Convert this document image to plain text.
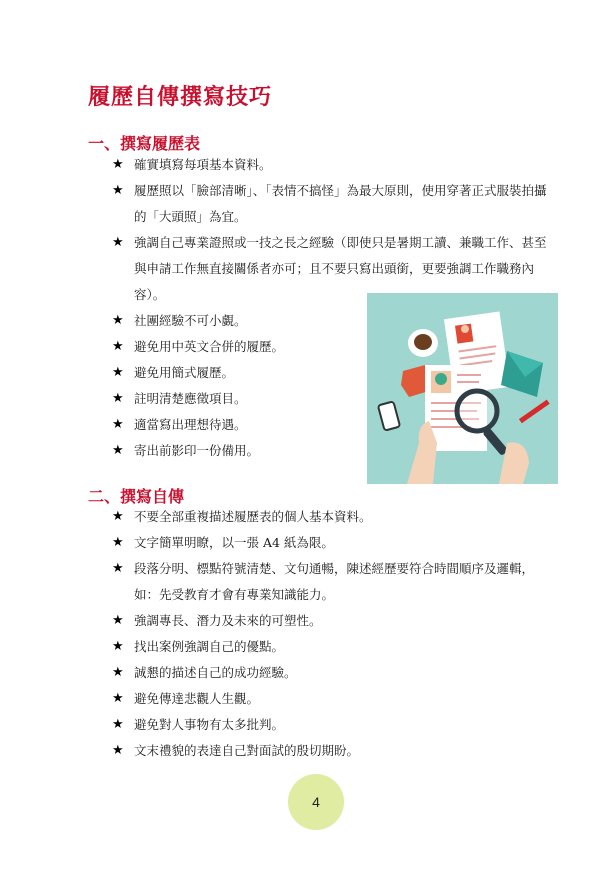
履歷自傳撰寫技巧
一、撰寫履歷表
★ 確實填寫每項基本資料。
★ 履歷照以「臉部清晰」、「表情不搞怪」為最大原則，使用穿著正式服裝拍攝的「大頭照」為宜。
★ 強調自己專業證照或一技之長之經驗（即使只是暑期工讀、兼職工作、甚至與申請工作無直接關係者亦可；且不要只寫出頭銜，更要強調工作職務內容）。
★ 社團經驗不可小覷。
★ 避免用中英文合併的履歷。
★ 避免用簡式履歷。
★ 註明清楚應徵項目。
★ 適當寫出理想待遇。
★ 寄出前影印一份備用。
二、撰寫自傳
★ 不要全部重複描述履歷表的個人基本資料。
★ 文字簡單明瞭，以一張 A4 紙為限。
★ 段落分明、標點符號清楚、文句通暢，陳述經歷要符合時間順序及邏輯，如：先受教育才會有專業知識能力。
★ 強調專長、潛力及未來的可塑性。
★ 找出案例強調自己的優點。
★ 誠懇的描述自己的成功經驗。
★ 避免傳達悲觀人生觀。
★ 避免對人事物有太多批判。
★ 文末禮貌的表達自己對面試的殷切期盼。
4
